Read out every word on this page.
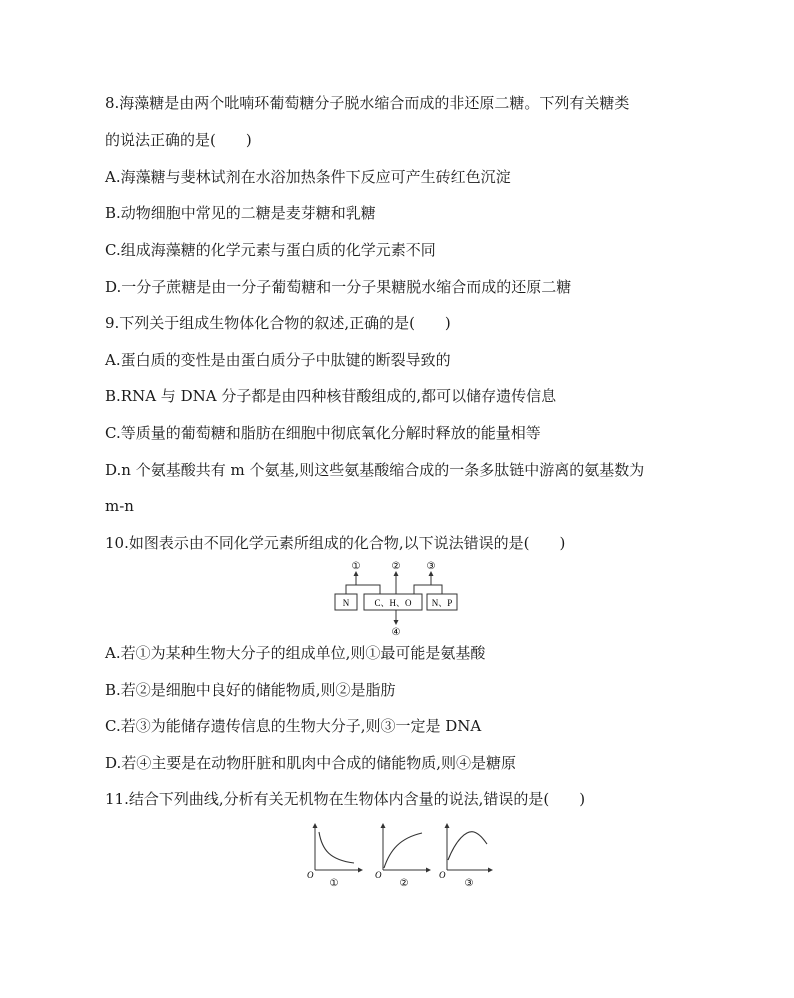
8.海藻糖是由两个吡喃环葡萄糖分子脱水缩合而成的非还原二糖。下列有关糖类
的说法正确的是(　　)
A.海藻糖与斐林试剂在水浴加热条件下反应可产生砖红色沉淀
B.动物细胞中常见的二糖是麦芽糖和乳糖
C.组成海藻糖的化学元素与蛋白质的化学元素不同
D.一分子蔗糖是由一分子葡萄糖和一分子果糖脱水缩合而成的还原二糖
9.下列关于组成生物体化合物的叙述,正确的是(　　)
A.蛋白质的变性是由蛋白质分子中肽键的断裂导致的
B.RNA 与 DNA 分子都是由四种核苷酸组成的,都可以储存遗传信息
C.等质量的葡萄糖和脂肪在细胞中彻底氧化分解时释放的能量相等
D.n 个氨基酸共有 m 个氨基,则这些氨基酸缩合成的一条多肽链中游离的氨基数为
m-n
10.如图表示由不同化学元素所组成的化合物,以下说法错误的是(　　)
N	C、H、O N、P
①	②	③
④
A.若①为某种生物大分子的组成单位,则①最可能是氨基酸
B.若②是细胞中良好的储能物质,则②是脂肪
C.若③为能储存遗传信息的生物大分子,则③一定是 DNA
D.若④主要是在动物肝脏和肌肉中合成的储能物质,则④是糖原
11.结合下列曲线,分析有关无机物在生物体内含量的说法,错误的是(　　)
O
①
O
②
O
③
